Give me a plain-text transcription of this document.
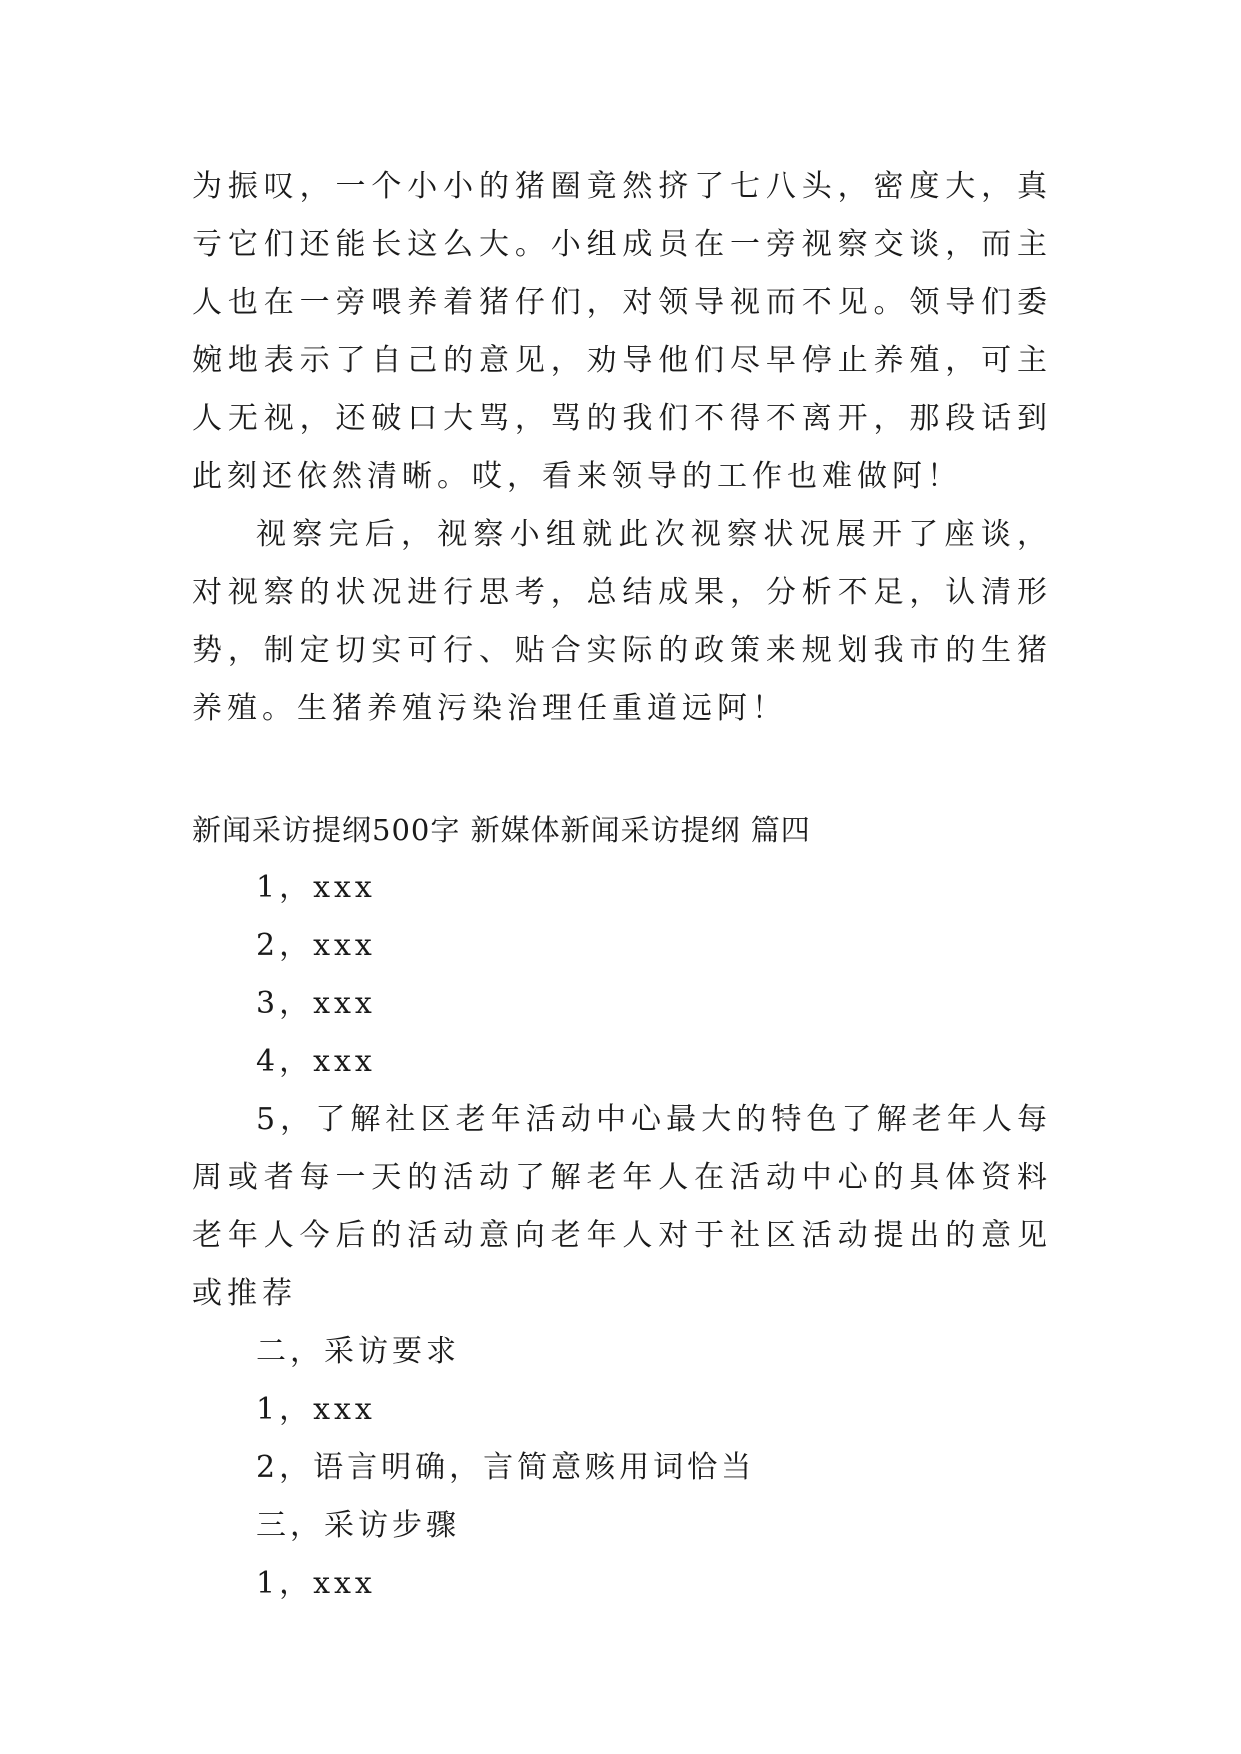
为振叹，一个小小的猪圈竟然挤了七八头，密度大，真亏它们还能长这么大。小组成员在一旁视察交谈，而主人也在一旁喂养着猪仔们，对领导视而不见。领导们委婉地表示了自己的意见，劝导他们尽早停止养殖，可主人无视，还破口大骂，骂的我们不得不离开，那段话到此刻还依然清晰。哎，看来领导的工作也难做阿！

视察完后，视察小组就此次视察状况展开了座谈，对视察的状况进行思考，总结成果，分析不足，认清形势，制定切实可行、贴合实际的政策来规划我市的生猪养殖。生猪养殖污染治理任重道远阿！

新闻采访提纲500字 新媒体新闻采访提纲 篇四

1，xxx

2，xxx

3，xxx

4，xxx

5，了解社区老年活动中心最大的特色了解老年人每周或者每一天的活动了解老年人在活动中心的具体资料老年人今后的活动意向老年人对于社区活动提出的意见或推荐

二，采访要求

1，xxx

2，语言明确，言简意赅用词恰当

三，采访步骤

1，xxx
